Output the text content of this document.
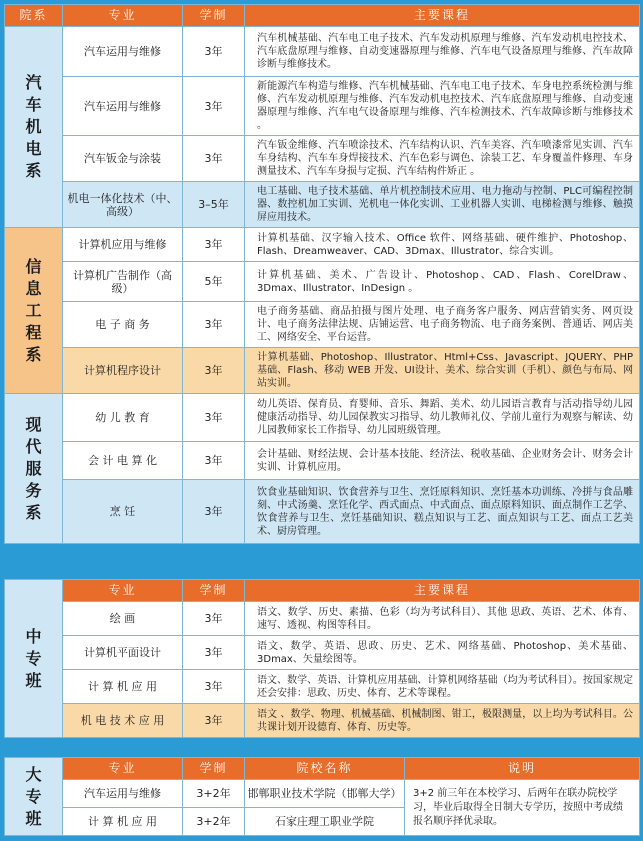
院系	专业	学制	主要课程

汽
车
机
电
系	汽车运用与维修	3年	汽车机械基础、汽车电工电子技术、汽车发动机原理与维修、汽车发动机电控技术、汽车底盘原理与维修、自动变速器原理与维修、汽车电气设备原理与维修、汽车故障诊断与维修技术。
	汽车运用与维修	3年	新能源汽车构造与维修、汽车机械基础、汽车电工电子技术、车身电控系统检测与维修、汽车发动机原理与维修、汽车发动机电控技术、汽车底盘原理与维修、自动变速器原理与维修、汽车电气设备原理与维修、汽车检测技术、汽车故障诊断与维修技术 。
	汽车钣金与涂装	3年	汽车钣金维修、汽车喷涂技术、汽车结构认识、汽车美容、汽车喷漆常见实训、汽车车身结构、汽车车身焊接技术、汽车色彩与调色、涂装工艺、车身覆盖件修理、车身测量技术、汽车车身损与定损、汽车结构件矫正 。
	机电一体化技术（中、高级）	3–5年	电工基础、电子技术基础、单片机控制技术应用、电力拖动与控制、PLC可编程控制器、数控机加工实训、光机电一体化实训、工业机器人实训、电梯检测与维修、触摸屏应用技术。

信
息
工
程
系	计算机应用与维修	3年	计算机基础、汉字输入技术、Office 软件、网络基础、硬件维护、Photoshop、Flash、Dreamweaver、CAD、3Dmax、Illustrator、综合实训。
	计算机广告制作（高级）	5年	计算机基础、美术、广告设计、Photoshop、CAD、Flash、CorelDraw、3Dmax、Illustrator、InDesign 。
	电 子 商 务	3年	电子商务基础、商品拍摄与图片处理、电子商务客户服务、网店营销实务、网页设计、电子商务法律法规、店铺运营、电子商务物流、电子商务案例、普通话、网店美工、网络安全、平台运营。
	计算机程序设计	3年	计算机基础、Photoshop、Illustrator、Html+Css、Javascript、JQUERY、PHP基础、Flash、移动 WEB 开发、UI设计、美术、综合实训（手机）、颜色与布局、网站实训。

现
代
服
务
系	幼 儿 教 育	3年	幼儿英语、保育员、育婴师、音乐、舞蹈、美术、幼儿园语言教育与活动指导幼儿园健康活动指导、幼儿园保教实习指导、幼儿教师礼仪、学前儿童行为观察与解读、幼儿园教师家长工作指导、幼儿园班级管理。
	会 计 电 算 化	3年	会计基础、财经法规、会计基本技能、经济法、税收基础、企业财务会计、财务会计实训、计算机应用。
	烹 饪	3年	饮食业基础知识、饮食营养与卫生、烹饪原料知识、烹饪基本功训练、冷拼与食品雕刻、中式汤羹、烹饪化学、西式面点、中式面点、面点原料知识、面点制作工艺学、饮食营养与卫生、烹饪基础知识、糕点知识与工艺、面点知识与工艺、面点工艺美术、厨房管理。
中
专
班	专业	学制	主要课程
	绘 画	3年	语文、数学、历史、素描、色彩（均为考试科目）、其他 思政、英语、艺术、体育、速写、透视、构图等科目。
	计算机平面设计	3年	语文、数学、英语、思政、历史、艺术、网络基础、Photoshop、美术基础、3Dmax、矢量绘图等。
	计 算 机 应 用	3年	语文、数学、英语、计算机应用基础、计算机网络基础（均为考试科目）。按国家规定还会安排：思政、历史、体育、艺术等课程。
	机 电 技 术 应 用	3年	语文 、数学、物理、机械基础、机械制图、钳工，极限测量，以上均为考试科目。公共课计划开设德育、体育、历史等。
大
专
班	专业	学制	院校名称	说明
	汽车运用与维修	3+2年	邯郸职业技术学院（邯郸大学）	3+2 前三年在本校学习、后两年在联办院校学习，毕业后取得全日制大专学历，按照中考成绩报名顺序择优录取。
	计 算 机 应 用	3+2年	石家庄理工职业学院	
